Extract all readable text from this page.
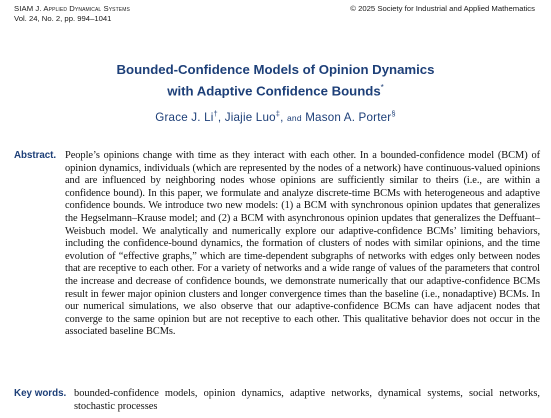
SIAM J. Applied Dynamical Systems
Vol. 24, No. 2, pp. 994–1041
© 2025 Society for Industrial and Applied Mathematics
Bounded-Confidence Models of Opinion Dynamics
with Adaptive Confidence Bounds*
Grace J. Li†, Jiajie Luo‡, and Mason A. Porter§
Abstract. People’s opinions change with time as they interact with each other. In a bounded-confidence model (BCM) of opinion dynamics, individuals (which are represented by the nodes of a network) have continuous-valued opinions and are influenced by neighboring nodes whose opinions are sufficiently similar to theirs (i.e., are within a confidence bound). In this paper, we formulate and analyze discrete-time BCMs with heterogeneous and adaptive confidence bounds. We introduce two new models: (1) a BCM with synchronous opinion updates that generalizes the Hegselmann–Krause model; and (2) a BCM with asynchronous opinion updates that generalizes the Deffuant–Weisbuch model. We analytically and numerically explore our adaptive-confidence BCMs’ limiting behaviors, including the confidence-bound dynamics, the formation of clusters of nodes with similar opinions, and the time evolution of “effective graphs,” which are time-dependent subgraphs of networks with edges only between nodes that are receptive to each other. For a variety of networks and a wide range of values of the parameters that control the increase and decrease of confidence bounds, we demonstrate numerically that our adaptive-confidence BCMs result in fewer major opinion clusters and longer convergence times than the baseline (i.e., nonadaptive) BCMs. In our numerical simulations, we also observe that our adaptive-confidence BCMs can have adjacent nodes that converge to the same opinion but are not receptive to each other. This qualitative behavior does not occur in the associated baseline BCMs.
Key words. bounded-confidence models, opinion dynamics, adaptive networks, dynamical systems, social networks, stochastic processes
